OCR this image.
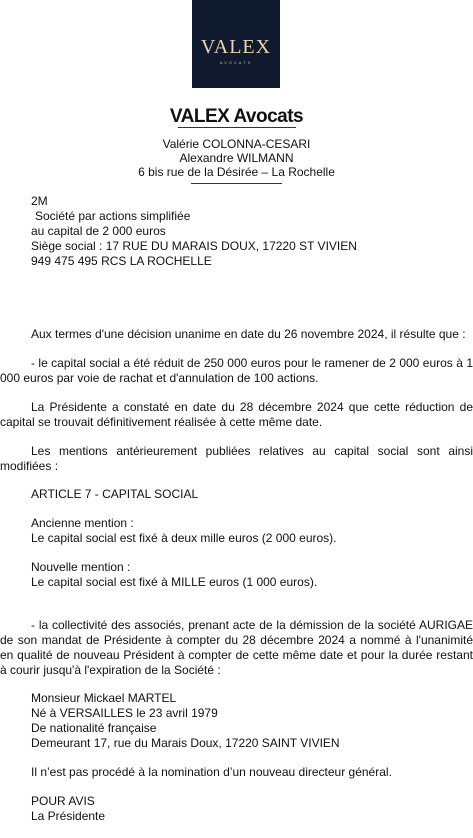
VALEX
AVOCATS
VALEX Avocats
Valérie COLONNA-CESARI
Alexandre WILMANN
6 bis rue de la Désirée – La Rochelle
2M
Société par actions simplifiée
au capital de 2 000 euros
Siège social : 17 RUE DU MARAIS DOUX, 17220 ST VIVIEN
949 475 495 RCS LA ROCHELLE
Aux termes d'une décision unanime en date du 26 novembre 2024, il résulte que :
- le capital social a été réduit de 250 000 euros pour le ramener de 2 000 euros à 1 000 euros par voie de rachat et d'annulation de 100 actions.
La Présidente a constaté en date du 28 décembre 2024 que cette réduction de capital se trouvait définitivement réalisée à cette même date.
Les mentions antérieurement publiées relatives au capital social sont ainsi modifiées :
ARTICLE 7 - CAPITAL SOCIAL
Ancienne mention :
Le capital social est fixé à deux mille euros (2 000 euros).
Nouvelle mention :
Le capital social est fixé à MILLE euros (1 000 euros).
- la collectivité des associés, prenant acte de la démission de la société AURIGAE de son mandat de Présidente à compter du 28 décembre 2024 a nommé à l'unanimité en qualité de nouveau Président à compter de cette même date et pour la durée restant à courir jusqu'à l'expiration de la Société :
Monsieur Mickael MARTEL
Né à VERSAILLES le 23 avril 1979
De nationalité française
Demeurant 17, rue du Marais Doux, 17220 SAINT VIVIEN
Il n’est pas procédé à la nomination d’un nouveau directeur général.
POUR AVIS
La Présidente
